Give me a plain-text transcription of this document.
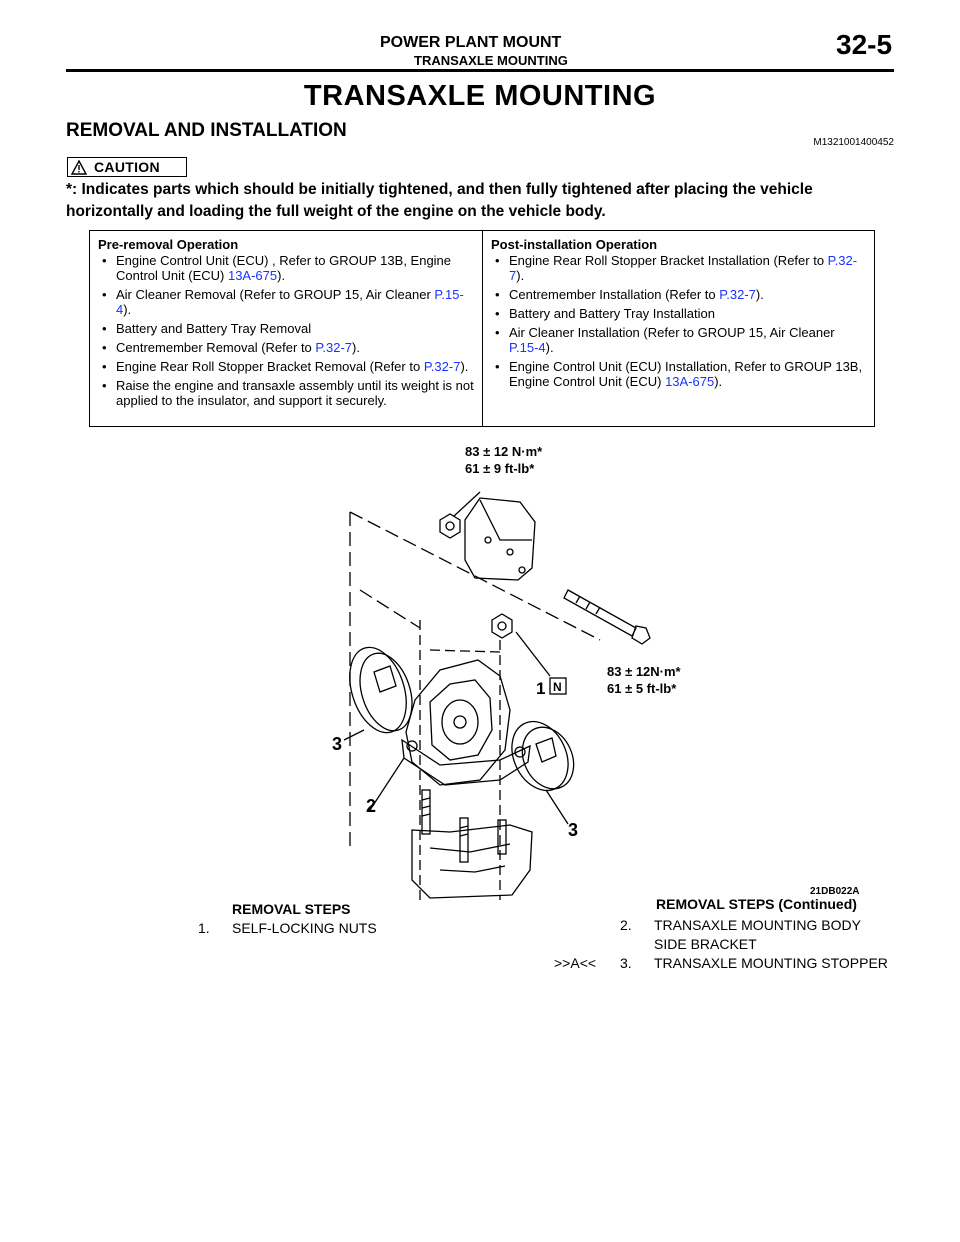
POWER PLANT MOUNT
TRANSAXLE MOUNTING
32-5
TRANSAXLE MOUNTING
REMOVAL AND INSTALLATION
M1321001400452
CAUTION
*: Indicates parts which should be initially tightened, and then fully tightened after placing the vehicle horizontally and loading the full weight of the engine on the vehicle body.
Pre-removal Operation
• Engine Control Unit (ECU) , Refer to GROUP 13B, Engine Control Unit (ECU) 13A-675).
• Air Cleaner Removal (Refer to GROUP 15, Air Cleaner P.15-4).
• Battery and Battery Tray Removal
• Centremember Removal (Refer to P.32-7).
• Engine Rear Roll Stopper Bracket Removal (Refer to P.32-7).
• Raise the engine and transaxle assembly until its weight is not applied to the insulator, and support it securely.
Post-installation Operation
• Engine Rear Roll Stopper Bracket Installation (Refer to P.32-7).
• Centremember Installation (Refer to P.32-7).
• Battery and Battery Tray Installation
• Air Cleaner Installation (Refer to GROUP 15, Air Cleaner P.15-4).
• Engine Control Unit (ECU) Installation, Refer to GROUP 13B, Engine Control Unit (ECU) 13A-675).
83 ± 12 N·m*
61 ± 9 ft-lb*
83 ± 12N·m*
61 ± 5 ft-lb*
1 N
3
2
3
21DB022A
REMOVAL STEPS	REMOVAL STEPS (Continued)
1. SELF-LOCKING NUTS	2. TRANSAXLE MOUNTING BODY SIDE BRACKET
>>A<< 3. TRANSAXLE MOUNTING STOPPER
